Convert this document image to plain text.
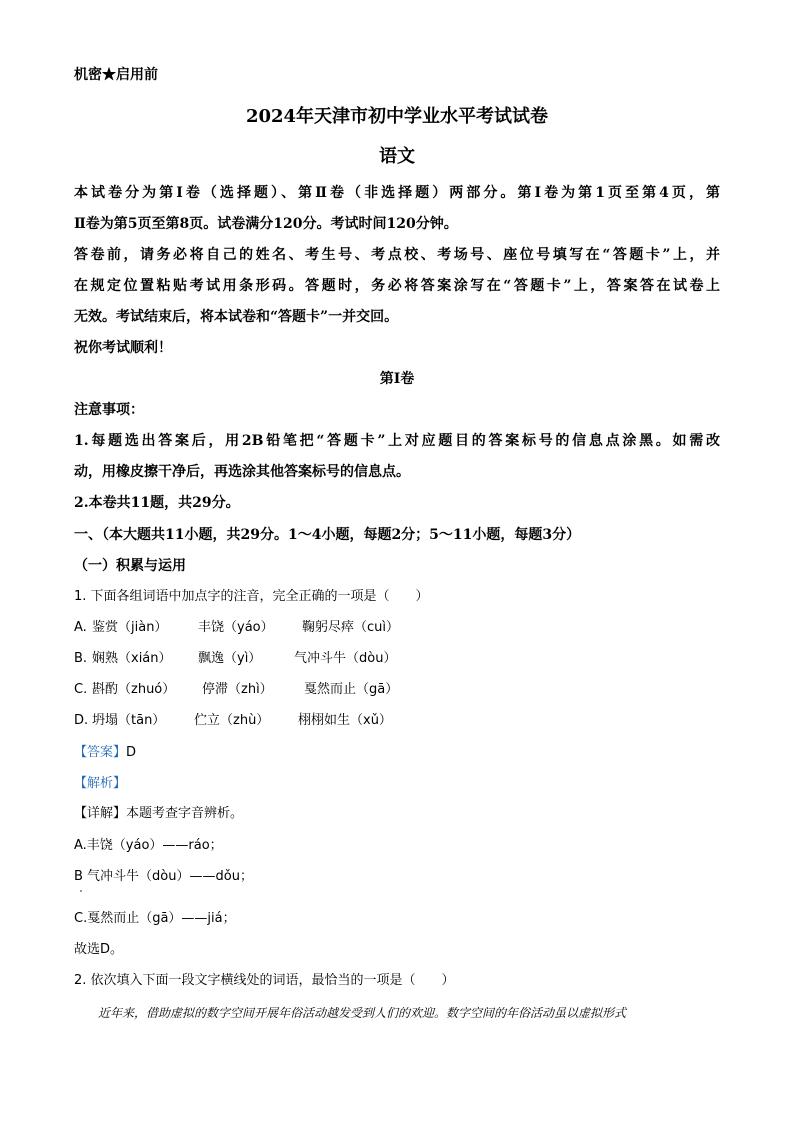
机密★启用前
2024年天津市初中学业水平考试试卷
语文
本试卷分为第Ⅰ卷（选择题）、第Ⅱ卷（非选择题）两部分。第Ⅰ卷为第1页至第4页，第
Ⅱ卷为第5页至第8页。试卷满分120分。考试时间120分钟。
答卷前，请务必将自己的姓名、考生号、考点校、考场号、座位号填写在“答题卡”上，并
在规定位置粘贴考试用条形码。答题时，务必将答案涂写在“答题卡”上，答案答在试卷上
无效。考试结束后，将本试卷和“答题卡”一并交回。
祝你考试顺利！
第Ⅰ卷
注意事项：
1.每题选出答案后，用2B铅笔把“答题卡”上对应题目的答案标号的信息点涂黑。如需改
动，用橡皮擦干净后，再选涂其他答案标号的信息点。
2.本卷共11题，共29分。
一、（本大题共11小题，共29分。1～4小题，每题2分；5～11小题，每题3分）
（一）积累与运用
1. 下面各组词语中加点字的注音，完全正确的一项是（　　）
A. 鉴赏（jiàn） 丰饶（yáo） 鞠躬尽瘁（cuì）
B. 娴熟（xián） 飘逸（yì）	气冲斗牛（dòu）
C. 斟酌（zhuó） 停滞（zhì） 戛然而止（gā）
D. 坍塌（tān） 伫立（zhù） 栩栩如生（xǔ）
【答案】D
【解析】
【详解】本题考查字音辨析。
A.丰饶（yáo）——ráo；
B 气冲斗牛（dòu）——dǒu；
C.戛然而止（gā）——jiá；
故选D。
2. 依次填入下面一段文字横线处的词语，最恰当的一项是（　　）
近年来，借助虚拟的数字空间开展年俗活动越发受到人们的欢迎。数字空间的年俗活动虽以虚拟形式
